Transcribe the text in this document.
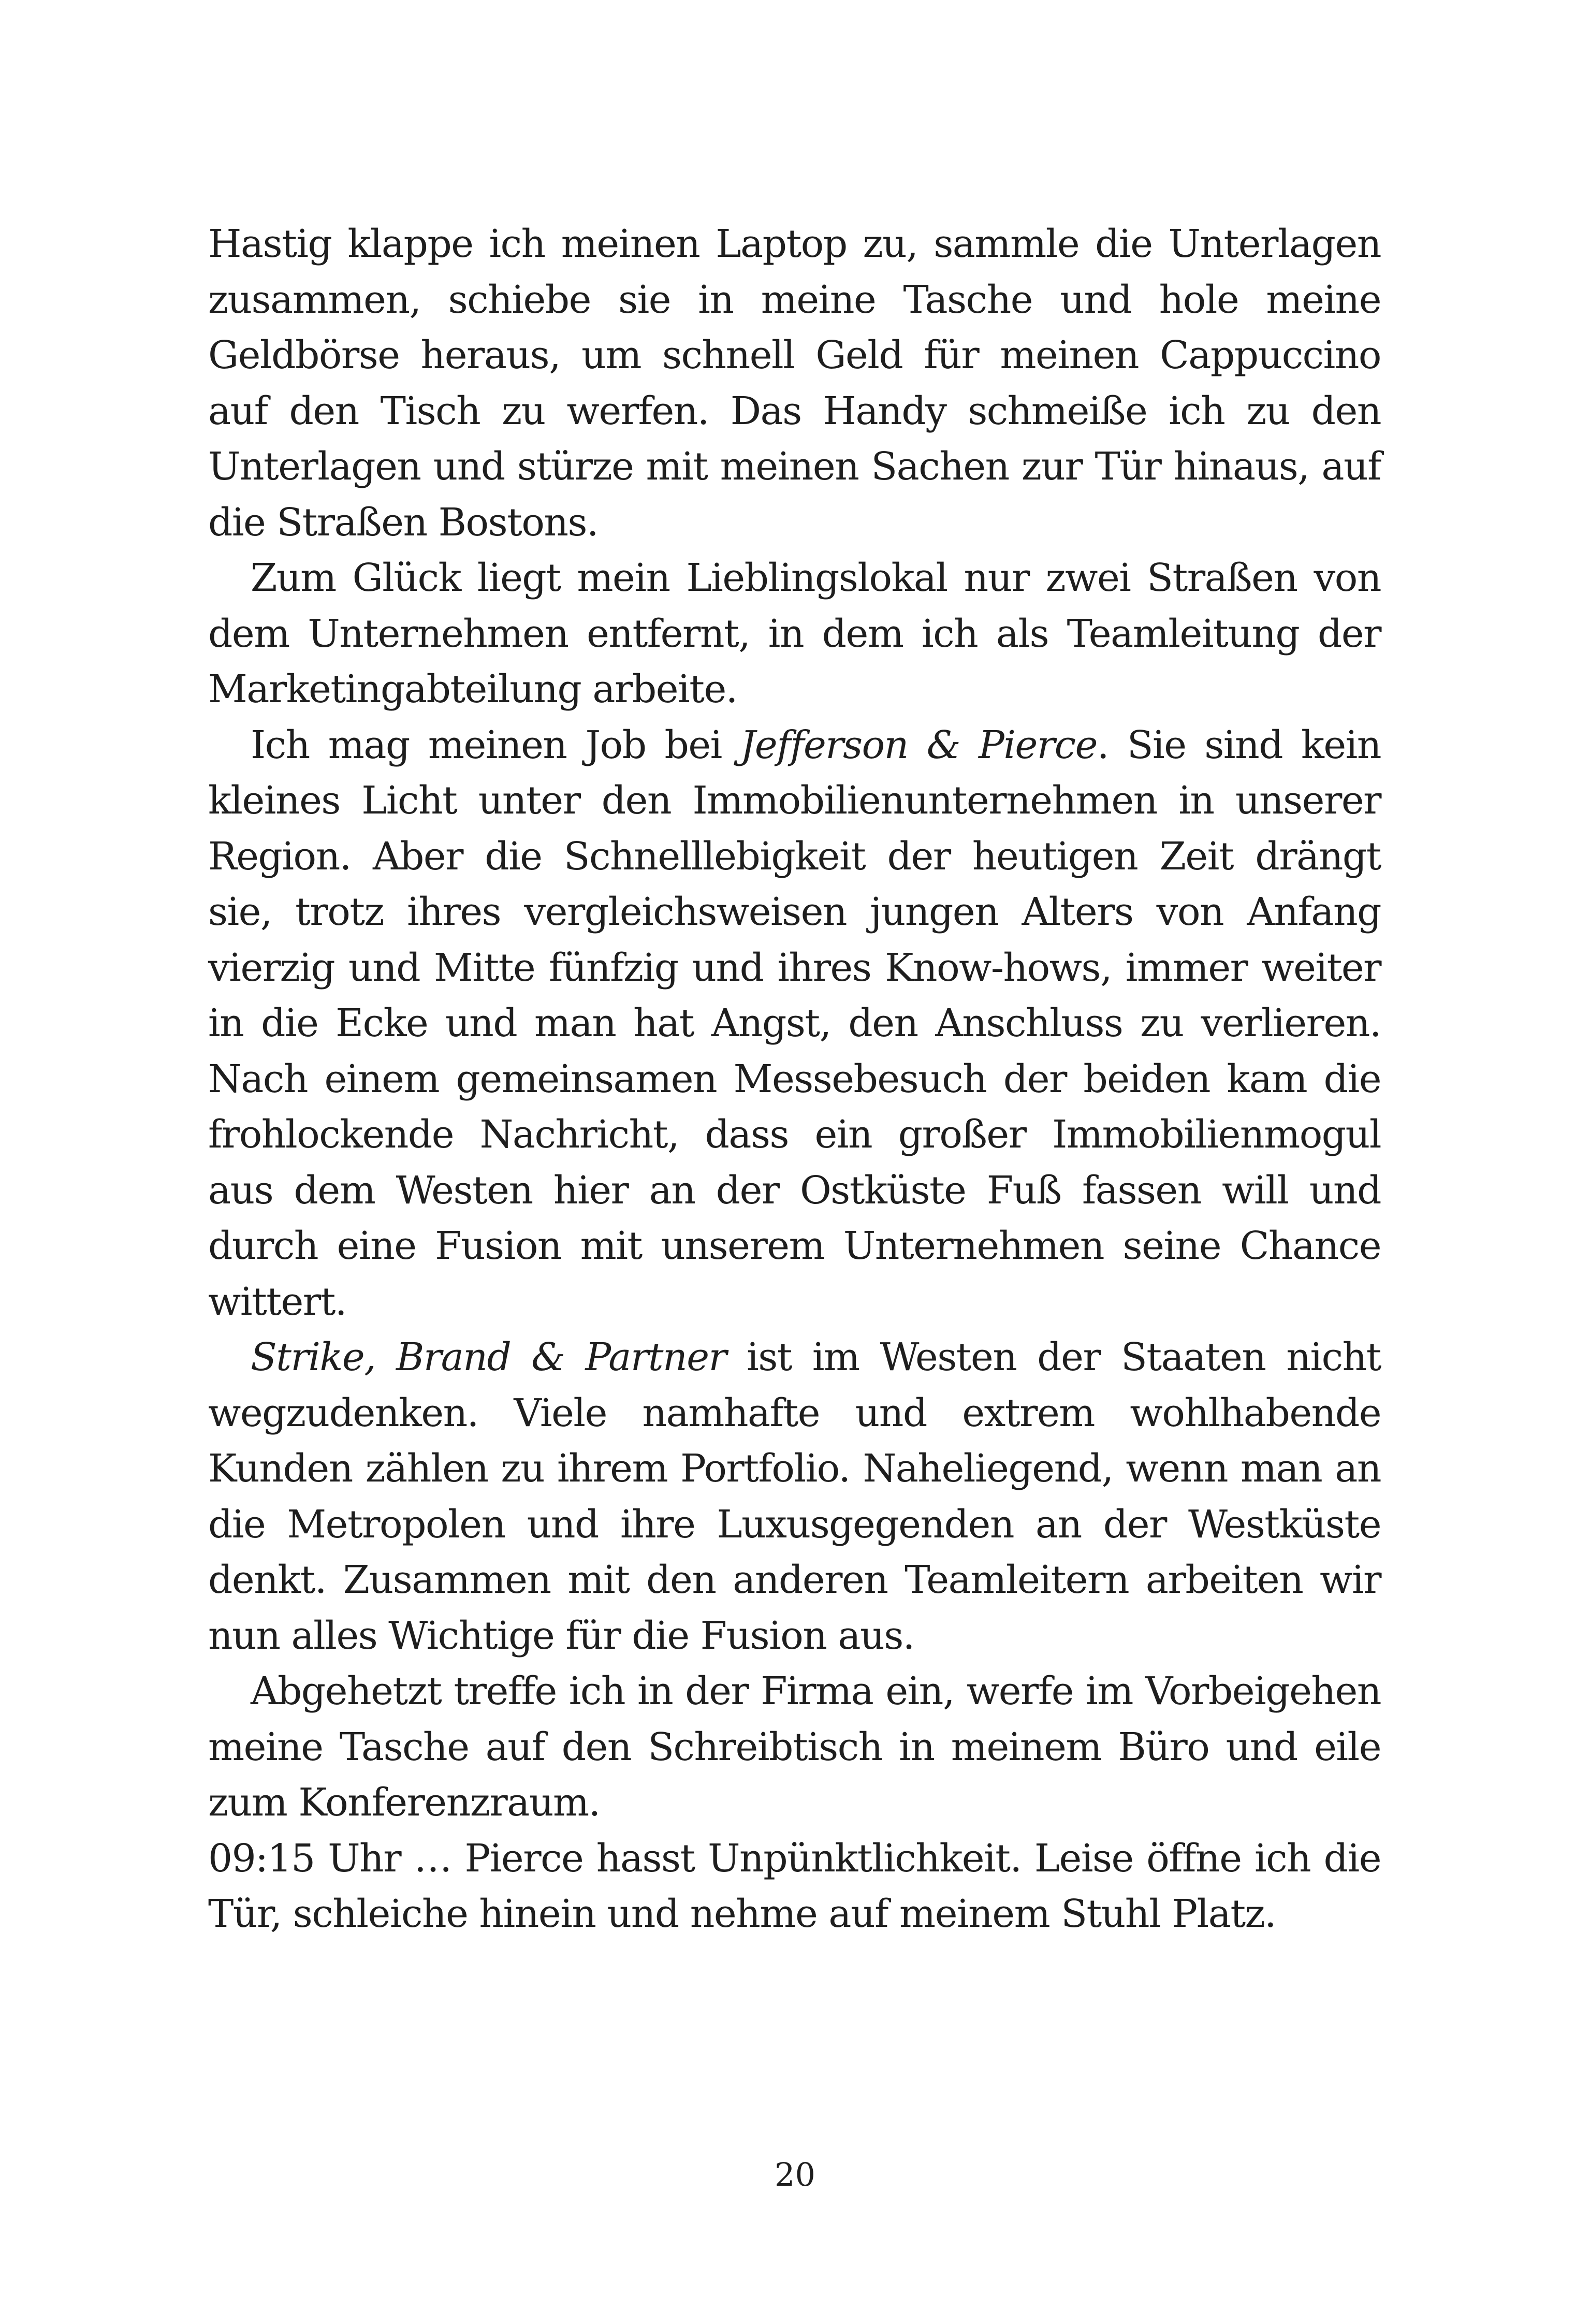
Hastig klappe ich meinen Laptop zu, sammle die Unterlagen zusammen, schiebe sie in meine Tasche und hole meine Geldbörse heraus, um schnell Geld für meinen Cappuccino auf den Tisch zu werfen. Das Handy schmeiße ich zu den Unterlagen und stürze mit meinen Sachen zur Tür hinaus, auf die Straßen Bostons.

Zum Glück liegt mein Lieblingslokal nur zwei Straßen von dem Unternehmen entfernt, in dem ich als Teamleitung der Marketingabteilung arbeite.

Ich mag meinen Job bei Jefferson & Pierce. Sie sind kein kleines Licht unter den Immobilienunternehmen in unserer Region. Aber die Schnelllebigkeit der heutigen Zeit drängt sie, trotz ihres vergleichsweisen jungen Alters von Anfang vierzig und Mitte fünfzig und ihres Know-hows, immer weiter in die Ecke und man hat Angst, den Anschluss zu verlieren. Nach einem gemeinsamen Messebesuch der beiden kam die frohlockende Nachricht, dass ein großer Immobilienmogul aus dem Westen hier an der Ostküste Fuß fassen will und durch eine Fusion mit unserem Unternehmen seine Chance wittert.

Strike, Brand & Partner ist im Westen der Staaten nicht wegzudenken. Viele namhafte und extrem wohlhabende Kunden zählen zu ihrem Portfolio. Naheliegend, wenn man an die Metropolen und ihre Luxusgegenden an der Westküste denkt. Zusammen mit den anderen Teamleitern arbeiten wir nun alles Wichtige für die Fusion aus.

Abgehetzt treffe ich in der Firma ein, werfe im Vorbeigehen meine Tasche auf den Schreibtisch in meinem Büro und eile zum Konferenzraum.

09:15 Uhr … Pierce hasst Unpünktlichkeit. Leise öffne ich die Tür, schleiche hinein und nehme auf meinem Stuhl Platz.

20
